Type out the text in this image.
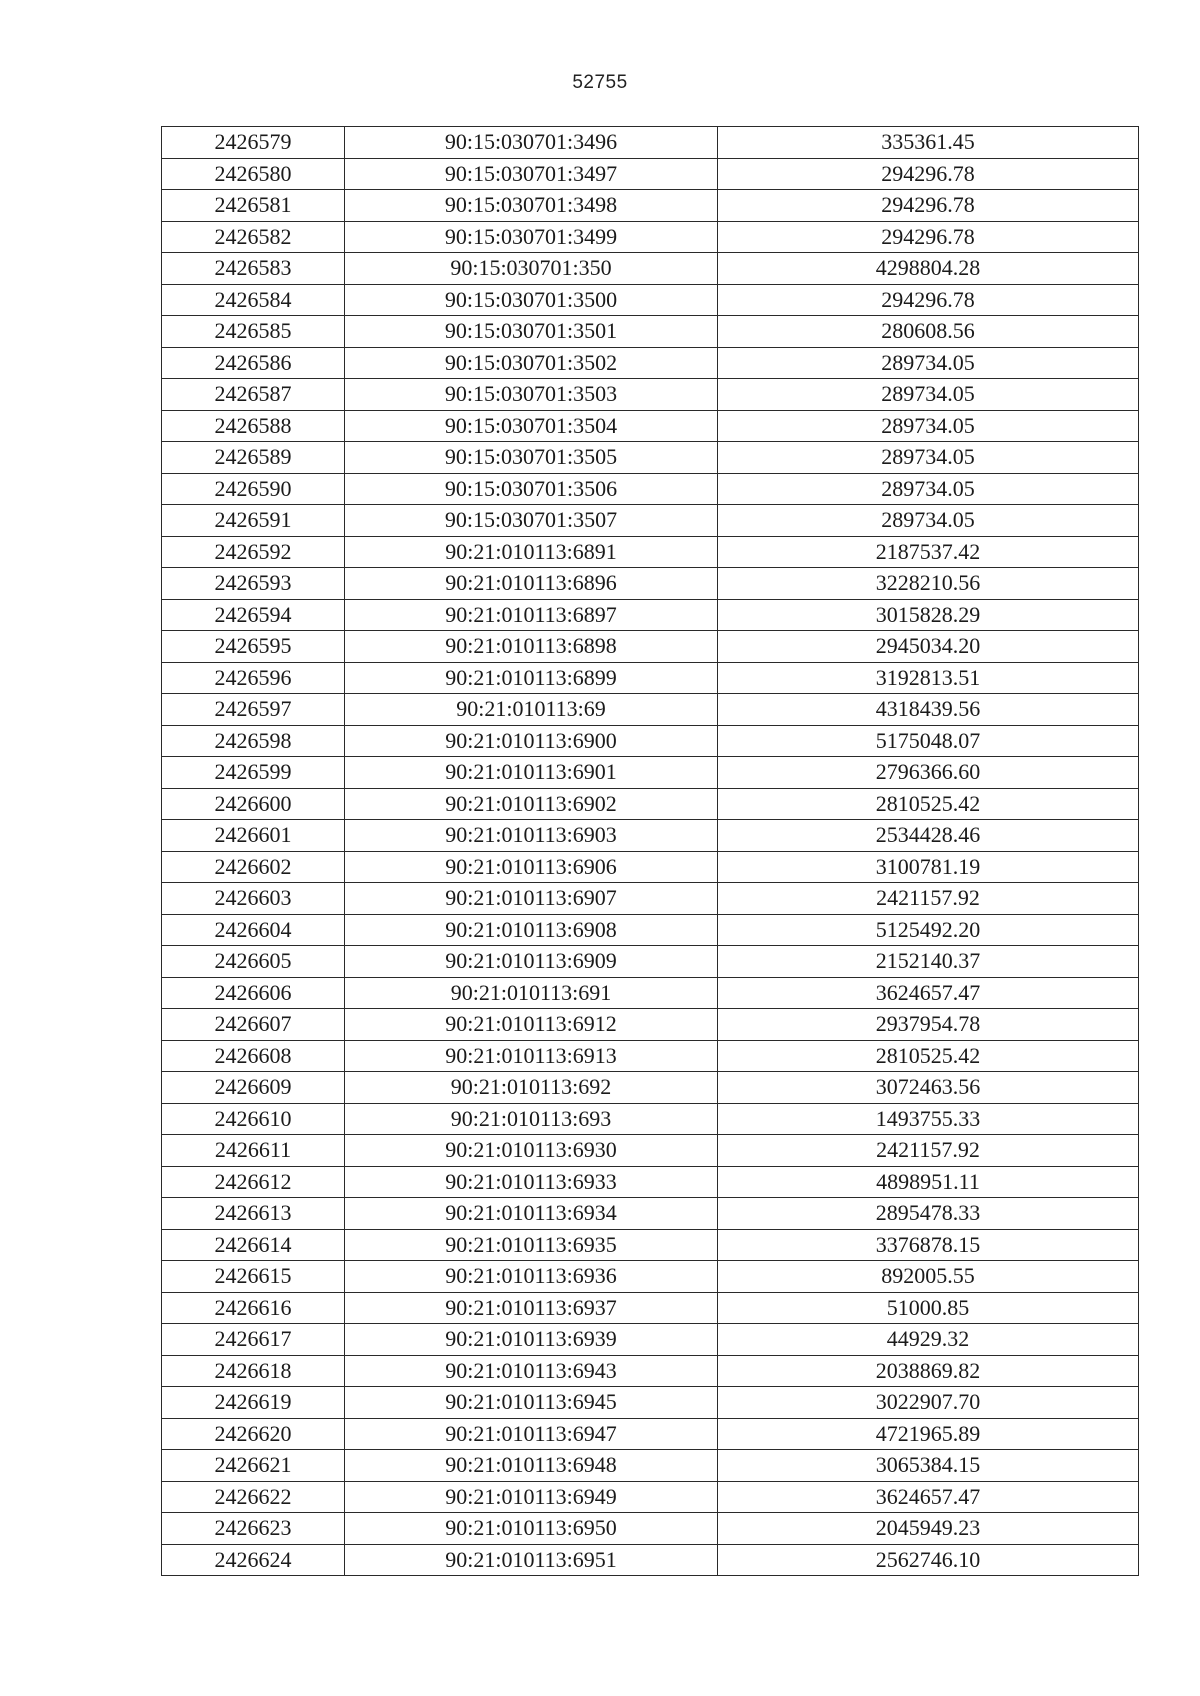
52755
2426579	90:15:030701:3496	335361.45
2426580	90:15:030701:3497	294296.78
2426581	90:15:030701:3498	294296.78
2426582	90:15:030701:3499	294296.78
2426583	90:15:030701:350	4298804.28
2426584	90:15:030701:3500	294296.78
2426585	90:15:030701:3501	280608.56
2426586	90:15:030701:3502	289734.05
2426587	90:15:030701:3503	289734.05
2426588	90:15:030701:3504	289734.05
2426589	90:15:030701:3505	289734.05
2426590	90:15:030701:3506	289734.05
2426591	90:15:030701:3507	289734.05
2426592	90:21:010113:6891	2187537.42
2426593	90:21:010113:6896	3228210.56
2426594	90:21:010113:6897	3015828.29
2426595	90:21:010113:6898	2945034.20
2426596	90:21:010113:6899	3192813.51
2426597	90:21:010113:69	4318439.56
2426598	90:21:010113:6900	5175048.07
2426599	90:21:010113:6901	2796366.60
2426600	90:21:010113:6902	2810525.42
2426601	90:21:010113:6903	2534428.46
2426602	90:21:010113:6906	3100781.19
2426603	90:21:010113:6907	2421157.92
2426604	90:21:010113:6908	5125492.20
2426605	90:21:010113:6909	2152140.37
2426606	90:21:010113:691	3624657.47
2426607	90:21:010113:6912	2937954.78
2426608	90:21:010113:6913	2810525.42
2426609	90:21:010113:692	3072463.56
2426610	90:21:010113:693	1493755.33
2426611	90:21:010113:6930	2421157.92
2426612	90:21:010113:6933	4898951.11
2426613	90:21:010113:6934	2895478.33
2426614	90:21:010113:6935	3376878.15
2426615	90:21:010113:6936	892005.55
2426616	90:21:010113:6937	51000.85
2426617	90:21:010113:6939	44929.32
2426618	90:21:010113:6943	2038869.82
2426619	90:21:010113:6945	3022907.70
2426620	90:21:010113:6947	4721965.89
2426621	90:21:010113:6948	3065384.15
2426622	90:21:010113:6949	3624657.47
2426623	90:21:010113:6950	2045949.23
2426624	90:21:010113:6951	2562746.10
